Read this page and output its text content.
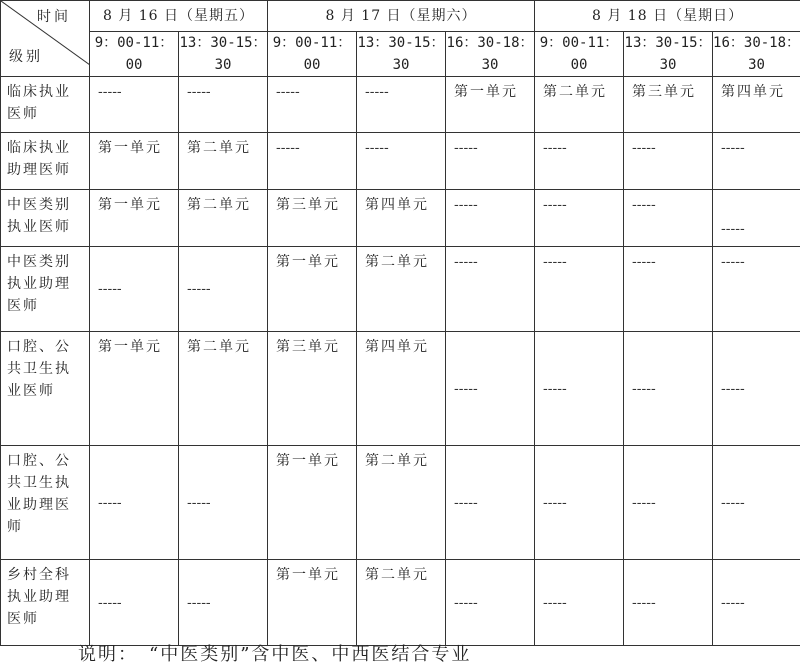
时间
级别	8 月 16 日（星期五）		8 月 17 日（星期六）			8 月 18 日（星期日）		
	9：00-11：00	13：30-15：30	9：00-11：00	13：30-15：30	16：30-18：30	9：00-11：00	13：30-15：30	16：30-18：30
临床执业医师	-----	-----	-----	-----	第一单元	第二单元	第三单元	第四单元
临床执业助理医师	第一单元	第二单元	-----	-----	-----	-----	-----	-----
中医类别执业医师	第一单元	第二单元	第三单元	第四单元	-----	-----	-----	-----
中医类别执业助理医师	-----	-----	第一单元	第二单元	-----	-----	-----	-----
口腔、公共卫生执业医师	第一单元	第二单元	第三单元	第四单元	-----	-----	-----	-----
口腔、公共卫生执业助理医师	-----	-----	第一单元	第二单元	-----	-----	-----	-----
乡村全科执业助理医师	-----	-----	第一单元	第二单元	-----	-----	-----	-----
说明：　“中医类别”含中医、中西医结合专业
